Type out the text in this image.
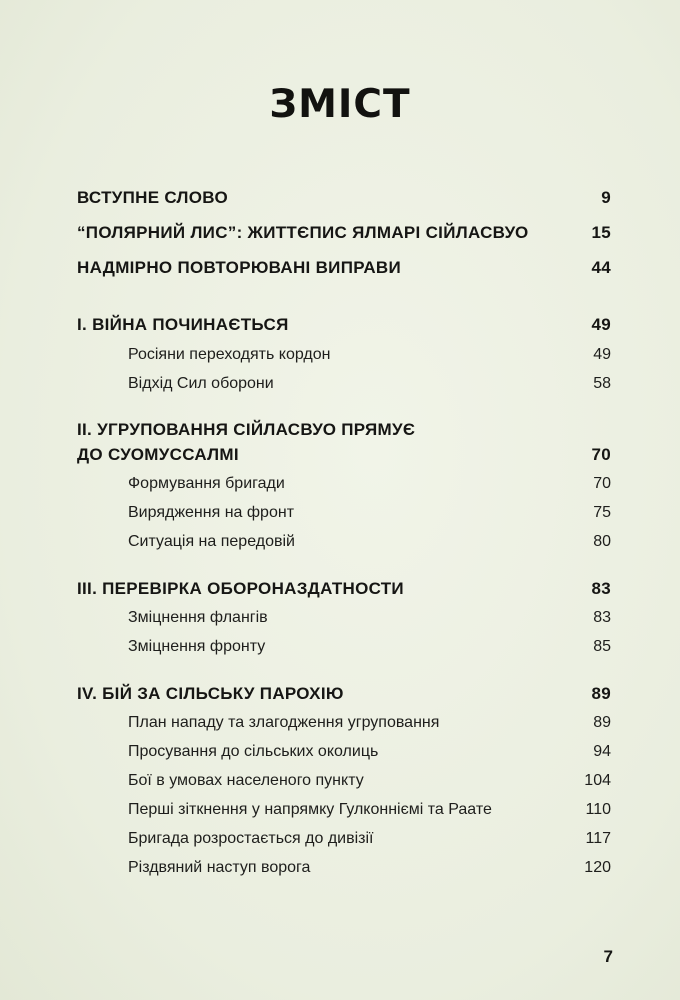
ЗМІСТ
ВСТУПНЕ СЛОВО	9
“ПОЛЯРНИЙ ЛИС”: ЖИТТЄПИС ЯЛМАРІ СІЙЛАСВУО	15
НАДМІРНО ПОВТОРЮВАНІ ВИПРАВИ	44
I. ВІЙНА ПОЧИНАЄТЬСЯ	49
Росіяни переходять кордон	49
Відхід Сил оборони	58
II. УГРУПОВАННЯ СІЙЛАСВУО ПРЯМУЄ
ДО СУОМУССАЛМІ	70
Формування бригади	70
Вирядження на фронт	75
Ситуація на передовій	80
III. ПЕРЕВІРКА ОБОРОНАЗДАТНОСТИ	83
Зміцнення флангів	83
Зміцнення фронту	85
IV. БІЙ ЗА СІЛЬСЬКУ ПАРОХІЮ	89
План нападу та злагодження угруповання	89
Просування до сільських околиць	94
Бої в умовах населеного пункту	104
Перші зіткнення у напрямку Гулконніємі та Раате	110
Бригада розростається до дивізії	117
Різдвяний наступ ворога	120
7
